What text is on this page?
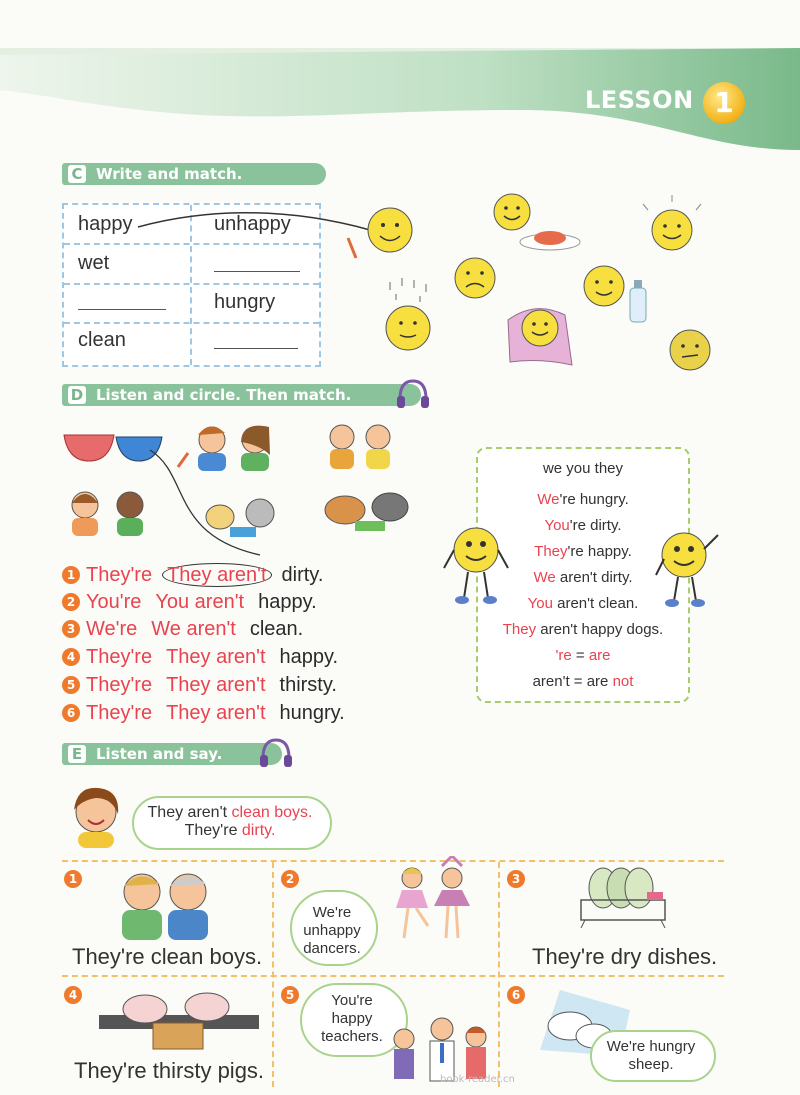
LESSON 1
C Write and match.
happy	unhappy
wet
hungry
clean
D Listen and circle. Then match.
1 They're They aren't dirty.
2 You're You aren't happy.
3 We're We aren't clean.
4 They're They aren't happy.
5 They're They aren't thirsty.
6 They're They aren't hungry.
we you they
We're hungry.
You're dirty.
They're happy.
We aren't dirty.
You aren't clean.
They aren't happy dogs.
're = are
aren't = are not
E Listen and say.
They aren't clean boys.
They're dirty.
1
They're clean boys.
2
We're
unhappy
dancers.
3
They're dry dishes.
4
They're thirsty pigs.
5	You're
happy
teachers.
6
We're hungry
sheep.
book-reader.cn
